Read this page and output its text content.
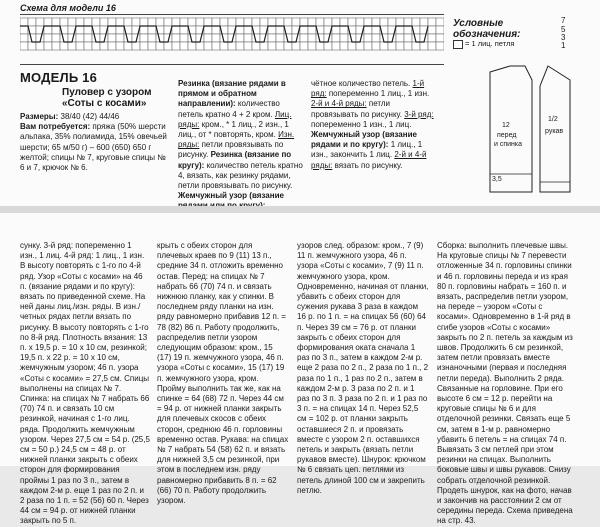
Схема для модели 16
7
5
3
1
Условные обозначения:
= 1 лиц. петля
МОДЕЛЬ 16
Пуловер с узором «Соты с косами»
Размеры: 38/40 (42) 44/46
Вам потребуется: пряжа (50% шерсти альпака, 35% полиамида, 15% овечьей шерсти; 65 м/50 г) – 600 (650) 650 г желтой; спицы № 7, круговые спицы № 6 и 7, крючок № 6.
Резинка (вязание рядами в прямом и обратном направлении): количество петель кратно 4 + 2 кром. Лиц. ряды: кром., * 1 лиц., 2 изн., 1 лиц., от * повторять, кром. Изн. ряды: петли провязывать по рисунку. Резинка (вязание по кругу): количество петель кратно 4, вязать, как резинку рядами, петли провязывать по рисунку. Жемчужный узор (вязание
чётное количество петель. 1-й ряд: попеременно 1 лиц., 1 изн. 2-й и 4-й ряды: петли провязывать по рисунку. 3-й ряд: попеременно 1 изн., 1 лиц. Жемчужный узор (вязание рядами и по кругу): 1 лиц., 1 изн., закончить 1 лиц. 2-й и 4-й ряды: вязать по рисунку.
12
перед
и спинка
1/2
рукав
3,5
сунку. 3-й ряд: попеременно 1 изн., 1 лиц. 4-й ряд: 1 лиц., 1 изн. В высоту повторять с 1-го по 4-й ряд. Узор «Соты с косами» на 46 п. (вязание рядами и по кругу): вязать по приведенной схеме. На ней даны лиц./изн. ряды. В изн./четных рядах петли вязать по рисунку. В высоту повторять с 1-го по 8-й ряд. Плотность вязания: 13 п. x 19,5 р. = 10 x 10 см, резинкой; 19,5 п. x 22 р. = 10 x 10 см, жемчужным узором; 46 п. узора «Соты с косами» = 27,5 см. Спицы выполнены на спицах № 7. Спинка: на спицах № 7 набрать 66 (70) 74 п. и связать 10 см резинкой, начиная с 1-го лиц. ряда. Продолжить жемчужным узором. Через 27,5 см = 54 р. (25,5 см = 50 р.) 24,5 см = 48 р. от нижней планки закрыть с обеих сторон для формирования проймы 1 раз по 3 п., затем в каждом 2-м р. еще 1 раз по 2 п. и 2 раза по 1 п. = 52 (56) 60 п. Через 44 см = 94 р. от нижней планки закрыть по 5 п.
крыть с обеих сторон для плечевых краев по 9 (11) 13 п., средние 34 п. отложить временно остав. Перед: на спицах № 7 набрать 66 (70) 74 п. и связать нижнюю планку, как у спинки. В последнем ряду планки на изн. ряду равномерно прибавив 12 п. = 78 (82) 86 п. Работу продолжить, распределив петли узором следующим образом: кром., 15 (17) 19 п. жемчужного узора, 46 п. узора «Соты с косами», 15 (17) 19 п. жемчужного узора, кром. Пройму выполнить так же, как на спинке = 64 (68) 72 п. Через 44 см = 94 р. от нижней планки закрыть для плечевых скосов с обеих сторон, среднюю 46 п. горловины временно остав. Рукава: на спицах № 7 набрать 54 (58) 62 п. и вязать для нижней 3,5 см резинкой, при этом в последнем изн. ряду равномерно прибавить 8 п. = 62 (66) 70 п. Работу продолжить узором.
узоров след. образом: кром., 7 (9) 11 п. жемчужного узора, 46 п. узора «Соты с косами», 7 (9) 11 п. жемчужного узора, кром. Одновременно, начиная от планки, убавить с обеих сторон для сужения рукава 3 раза в каждом 16 р. по 1 п. = на спицах 56 (60) 64 п. Через 39 см = 76 р. от планки закрыть с обеих сторон для формирования оката сначала 1 раз по 3 п., затем в каждом 2-м р. еще 2 раза по 2 п., 2 раза по 1 п., 2 раза по 1 п., 1 раз по 2 п., затем в каждом 2-м р. 3 раза по 2 п. и 1 раз по 3 п. 3 раза по 2 п. и 1 раз по 3 п. = на спицах 14 п. Через 52,5 см = 102 р. от планки закрыть оставшиеся 2 п. и провязать вместе с узором 2 п. оставшихся петель и закрыть (вязать петли рукавов вместе). Шнурок: крючком № 6 связать цеп. петлями из петель длиной 100 см и закрепить петлю.
Сборка: выполнить плечевые швы. На круговые спицы № 7 перевести отложенные 34 п. горловины спинки и 46 п. горловины переда и из края 80 п. горловины набрать = 160 п. и вязать, распределив петли узором, на переде – узором «Соты с косами». Одновременно в 1-й ряд в сгибе узоров «Соты с косами» закрыть по 2 п. петель за каждым из швов. Продолжить 6 см резинкой, затем петли провязать вместе изнаночными (первая и последняя петли переда). Выполнить 2 ряда. Связанные на горловине. При его высоте 6 см = 12 р. перейти на круговые спицы № 6 и для отделочной резинки. Связать еще 5 см, затем в 1-м р. равномерно убавить 6 петель = на спицах 74 п. Вывязать 3 см петлей при этом резинки на спицах. Выполнить боковые швы и швы рукавов. Снизу собрать отделочной резинкой. Продеть шнурок, как на фото, начав и закончив на расстоянии 2 см от середины переда. Схема приведена на стр. 43.
